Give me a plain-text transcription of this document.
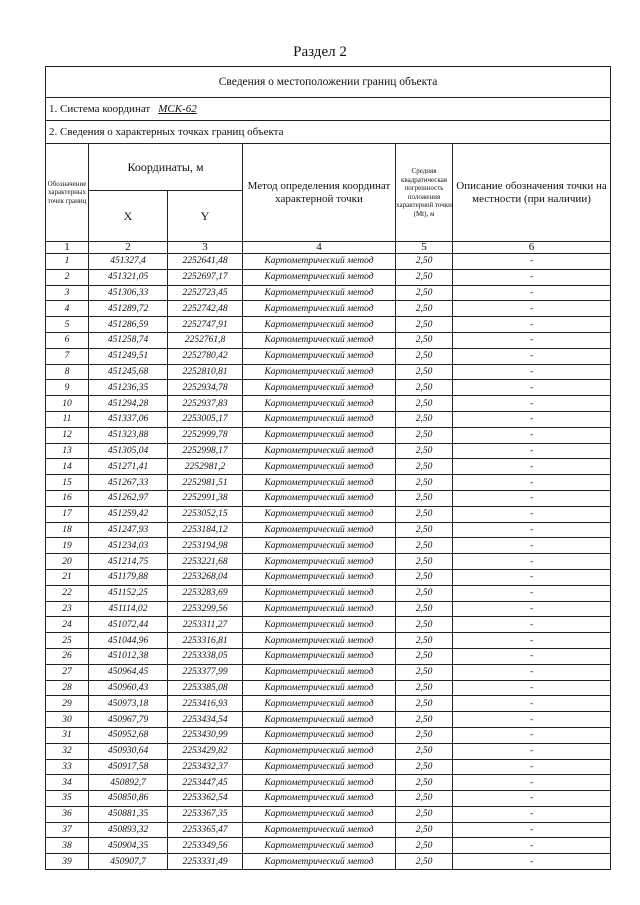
Раздел 2
Сведения о местоположении границ объекта					
1. Система координат МСК-62					
2. Сведения о характерных точках границ объекта					
Обозначение характерных точек границ	Координаты, м		Метод определения координат характерной точки	Средняя квадратическая погрешность положения характерной точки (Mt), м	Описание обозначения точки на местности (при наличии)
	X	Y			
1	2	3	4	5	6
1	451327,4	2252641,48	Картометрический метод	2,50	-
2	451321,05	2252697,17	Картометрический метод	2,50	-
3	451306,33	2252723,45	Картометрический метод	2,50	-
4	451289,72	2252742,48	Картометрический метод	2,50	-
5	451286,59	2252747,91	Картометрический метод	2,50	-
6	451258,74	2252761,8	Картометрический метод	2,50	-
7	451249,51	2252780,42	Картометрический метод	2,50	-
8	451245,68	2252810,81	Картометрический метод	2,50	-
9	451236,35	2252934,78	Картометрический метод	2,50	-
10	451294,28	2252937,83	Картометрический метод	2,50	-
11	451337,06	2253005,17	Картометрический метод	2,50	-
12	451323,88	2252999,78	Картометрический метод	2,50	-
13	451305,04	2252998,17	Картометрический метод	2,50	-
14	451271,41	2252981,2	Картометрический метод	2,50	-
15	451267,33	2252981,51	Картометрический метод	2,50	-
16	451262,97	2252991,38	Картометрический метод	2,50	-
17	451259,42	2253052,15	Картометрический метод	2,50	-
18	451247,93	2253184,12	Картометрический метод	2,50	-
19	451234,03	2253194,98	Картометрический метод	2,50	-
20	451214,75	2253221,68	Картометрический метод	2,50	-
21	451179,88	2253268,04	Картометрический метод	2,50	-
22	451152,25	2253283,69	Картометрический метод	2,50	-
23	451114,02	2253299,56	Картометрический метод	2,50	-
24	451072,44	2253311,27	Картометрический метод	2,50	-
25	451044,96	2253316,81	Картометрический метод	2,50	-
26	451012,38	2253338,05	Картометрический метод	2,50	-
27	450964,45	2253377,99	Картометрический метод	2,50	-
28	450960,43	2253385,08	Картометрический метод	2,50	-
29	450973,18	2253416,93	Картометрический метод	2,50	-
30	450967,79	2253434,54	Картометрический метод	2,50	-
31	450952,68	2253430,99	Картометрический метод	2,50	-
32	450930,64	2253429,82	Картометрический метод	2,50	-
33	450917,58	2253432,37	Картометрический метод	2,50	-
34	450892,7	2253447,45	Картометрический метод	2,50	-
35	450850,86	2253362,54	Картометрический метод	2,50	-
36	450881,35	2253367,35	Картометрический метод	2,50	-
37	450893,32	2253365,47	Картометрический метод	2,50	-
38	450904,35	2253349,56	Картометрический метод	2,50	-
39	450907,7	2253331,49	Картометрический метод	2,50	-
